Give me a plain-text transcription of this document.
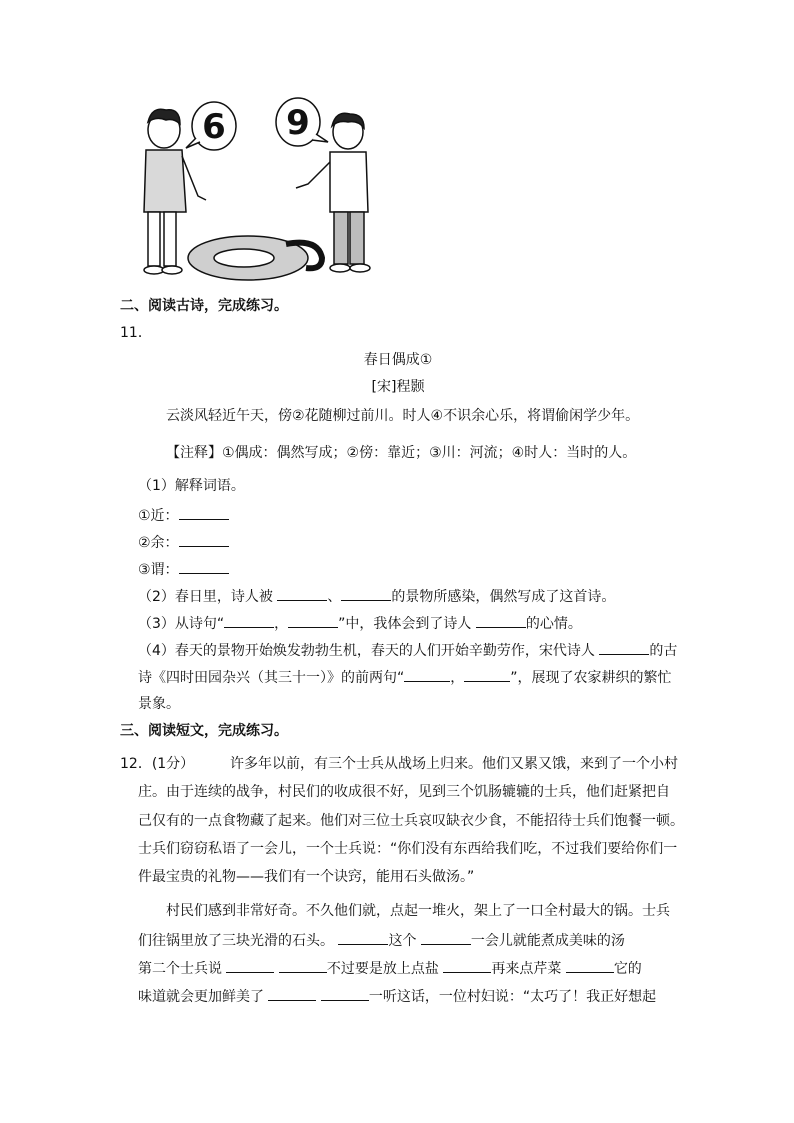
6 9
二、阅读古诗，完成练习。
11．
春日偶成①
[宋]程颢
云淡风轻近午天，傍②花随柳过前川。时人④不识余心乐，将谓偷闲学少年。
【注释】①偶成：偶然写成；②傍：靠近；③川：河流；④时人：当时的人。
（1）解释词语。
①近：
②余：
③谓：
（2）春日里，诗人被	、	的景物所感染，偶然写成了这首诗。
（3）从诗句“	，	”中，我体会到了诗人	的心情。
（4）春天的景物开始焕发勃勃生机，春天的人们开始辛勤劳作，宋代诗人	的古
诗《四时田园杂兴（其三十一）》的前两句“	，	”，展现了农家耕织的繁忙
景象。
三、阅读短文，完成练习。
12．(1分）	许多年以前，有三个士兵从战场上归来。他们又累又饿，来到了一个小村
庄。由于连续的战争，村民们的收成很不好，见到三个饥肠辘辘的士兵，他们赶紧把自
己仅有的一点食物藏了起来。他们对三位士兵哀叹缺衣少食，不能招待士兵们饱餐一顿。
士兵们窃窃私语了一会儿，一个士兵说：“你们没有东西给我们吃，不过我们要给你们一
件最宝贵的礼物——我们有一个诀窍，能用石头做汤。”
村民们感到非常好奇。不久他们就，点起一堆火，架上了一口全村最大的锅。士兵
们往锅里放了三块光滑的石头。	这个	一会儿就能煮成美味的汤
第二个士兵说	不过要是放上点盐	再来点芹菜	它的
味道就会更加鲜美了	一听这话，一位村妇说：“太巧了！我正好想起
